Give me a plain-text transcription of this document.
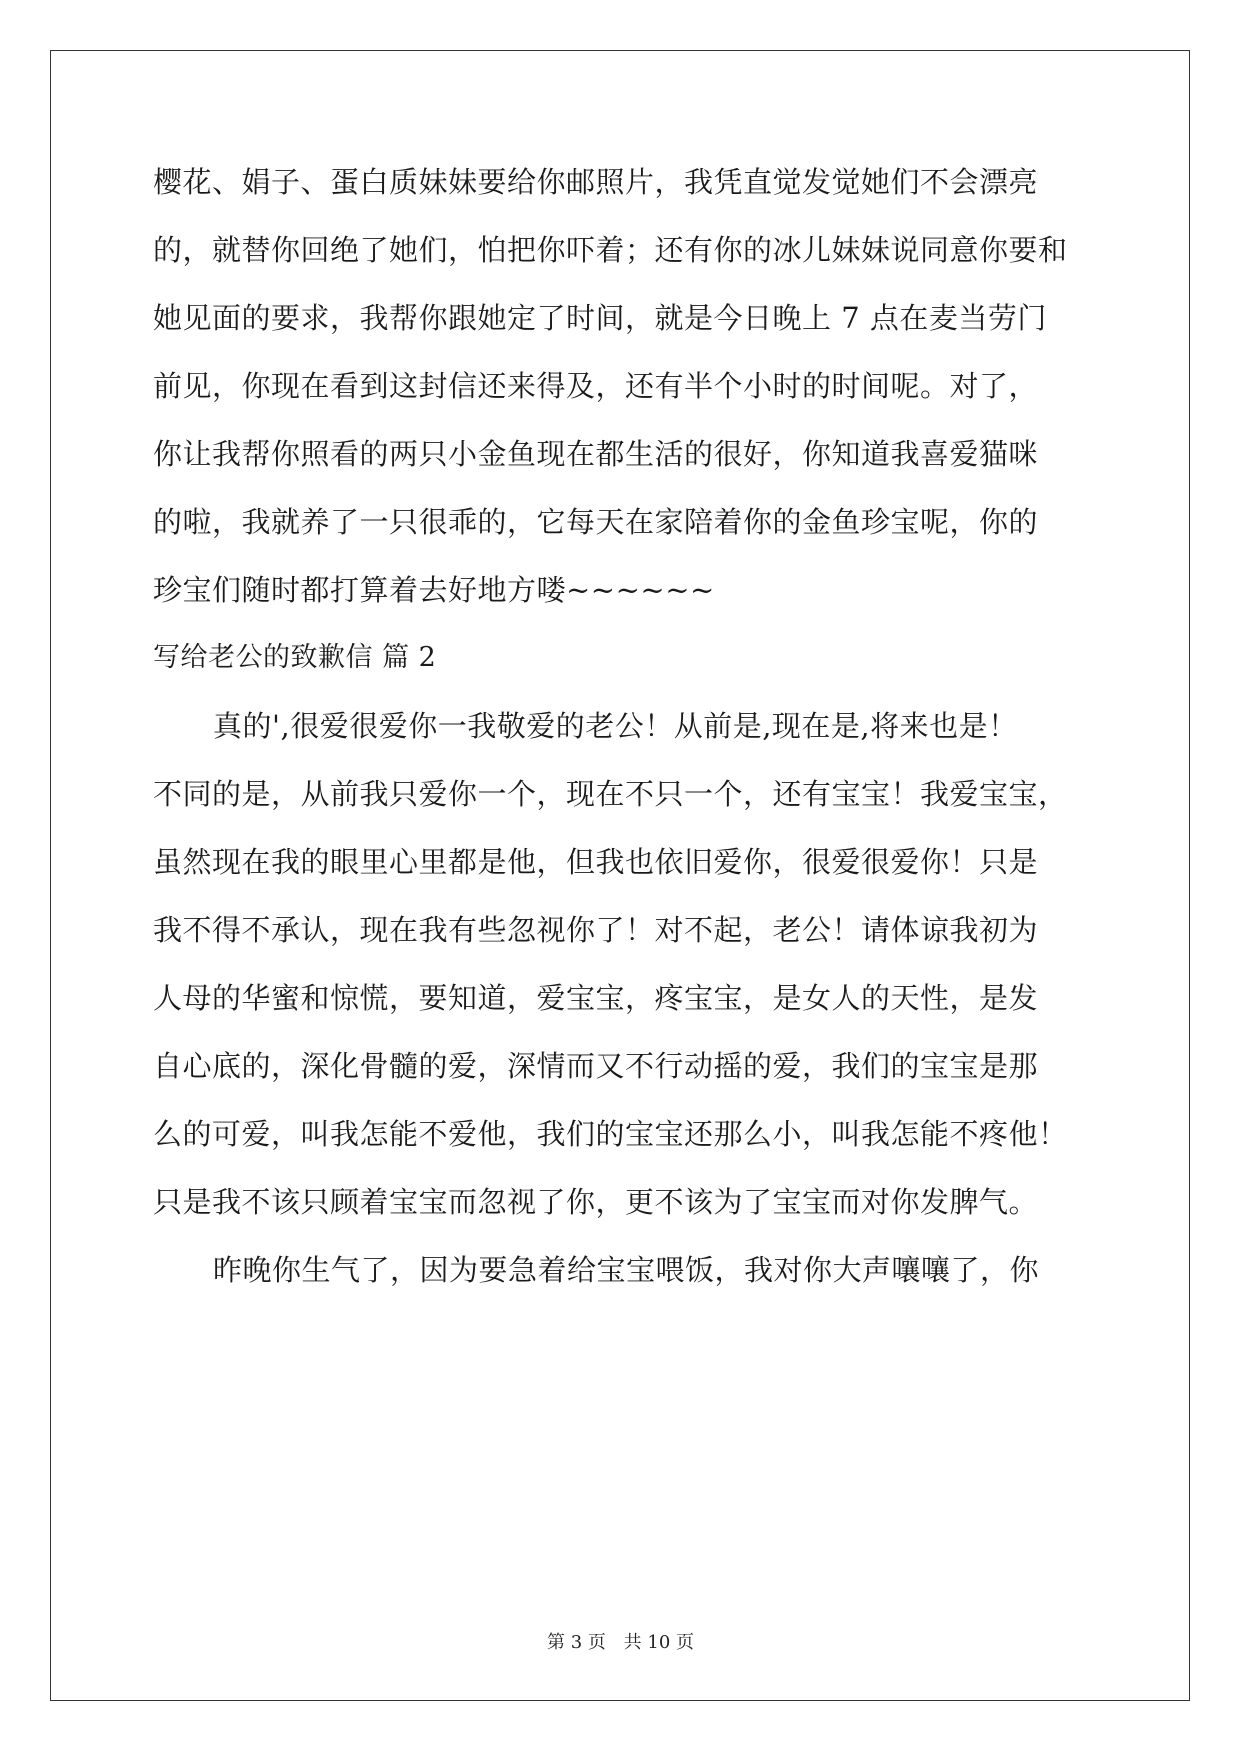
樱花、娟子、蛋白质妹妹要给你邮照片，我凭直觉发觉她们不会漂亮
的，就替你回绝了她们，怕把你吓着；还有你的冰儿妹妹说同意你要和
她见面的要求，我帮你跟她定了时间，就是今日晚上 7 点在麦当劳门
前见，你现在看到这封信还来得及，还有半个小时的时间呢。对了，
你让我帮你照看的两只小金鱼现在都生活的很好，你知道我喜爱猫咪
的啦，我就养了一只很乖的，它每天在家陪着你的金鱼珍宝呢，你的
珍宝们随时都打算着去好地方喽~~~~~~
写给老公的致歉信 篇 2
真的',很爱很爱你一我敬爱的老公！从前是,现在是,将来也是！
不同的是，从前我只爱你一个，现在不只一个，还有宝宝！我爱宝宝，
虽然现在我的眼里心里都是他，但我也依旧爱你，很爱很爱你！只是
我不得不承认，现在我有些忽视你了！对不起，老公！请体谅我初为
人母的华蜜和惊慌，要知道，爱宝宝，疼宝宝，是女人的天性，是发
自心底的，深化骨髓的爱，深情而又不行动摇的爱，我们的宝宝是那
么的可爱，叫我怎能不爱他，我们的宝宝还那么小，叫我怎能不疼他！
只是我不该只顾着宝宝而忽视了你，更不该为了宝宝而对你发脾气。
昨晚你生气了，因为要急着给宝宝喂饭，我对你大声嚷嚷了，你
第 3 页 共 10 页
